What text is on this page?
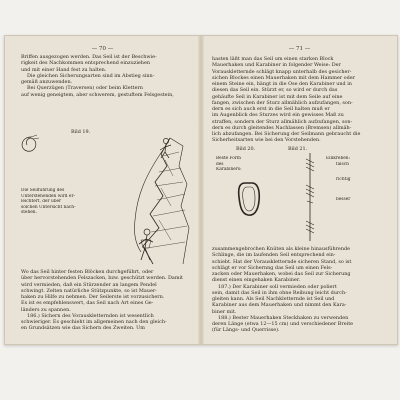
— 70 —
Briffen ausgezogen werden. Das Seil ist der Beschwie-
rigkeit des Nachkommen entsprechend einzuziehen
und mit einer Hand fest zu halten.
Die gleichen Sicherungsarten sind im Abstieg sinn-
gemäß anzuwenden.
Bei Querzügen (Traversen) oder beim Klettern
auf wenig geneigtem, aber schwerem, gestuftem Felsgestein,
Bild 19.
Die Seilführung des
Unterstehenden wird er-
leichtert, der über
solchen Untersicht nach-
stehen.
Wo das Seil hinter festen Blöcken durchgeführt, oder
über hervorstehenden Felszacken, bzw. geschützt werden. Damit
wird vermieden, daß ein Stürzender an langem Pendel
schwingt. Zelten natürliche Stützpunkte, so ist Mauer-
haken zu Hilfe zu nehmen. Der Seilerste ist vorzusichern.
Es ist es empfehlenswert, das Seil nach Art eines Ge-
länders zu spannen.
186.) Sichern des Vorauskletternden ist wesentlich
schwieriger. Es geschieht im allgemeinen nach den gleich-
en Grundsätzen wie das Sichern des Zweiten. Um
— 71 —
hasten läßt man das Seil um einen starken Block
Mauerhaken und Karabiner in folgender Weise: Der
Vorauskletternde schlägt knapp unterhalb des gesicher-
sichen Blockes einen Mauerhaken mit dem Hammer oder
einem Steine ein, hängt in die Öse den Karabiner und in
diesen das Seil ein. Stürzt er, so wird er durch das
gehäufte Seil in Karabiner ist mit dem Seile auf eine
fangen, zwischen der Sturz allmählich aufzufangen, son-
dern es sich auch erst in die Seil halten muß er
im Augenblick des Sturzes wird ein gewisses Maß zu
straffen, sondern der Sturz allmählich aufzufangen, son-
dern es durch gleitendes Nachlassen (Bremsen) allmäh-
lich abzufangen. Bei Sicherung der Seilmann gebraucht die
Sicherheitsarten wie bei den Vorstehenden.
Bild 20.	Bild 21.
Beste Form
des
Karabiners:
Einkreben:
falsch
richtig
besser
zusammengebrochen Knüten als kleine hinausführende
Schlinge, die im laufenden Seil entsprechend ein-
schiebt. Hat der Vorauskletternde sicheren Stand, so ist
schlägt er vor Sichernng das Seil um einen Fels-
zacken oder Mauerhaken, wobei das Seil zur Sicherung
dienst einen eingehaken Karabiner.
187.) Der Karabiner soll vermieden oder poliert
sein, damit das Seil in ihm ohne Reibung leicht durch-
gleiten kann. Als Seil Nachkletternde ist Seil und
Karabiner aus dem Mauerhaken und nimmt den Kara-
biner mit.
188.) Bester Mauerhaken Steckhaken zu verwenden
deren Länge (etwa 12—15 cm) und verschiedener Breite
(für Längs- und Querrisse).
